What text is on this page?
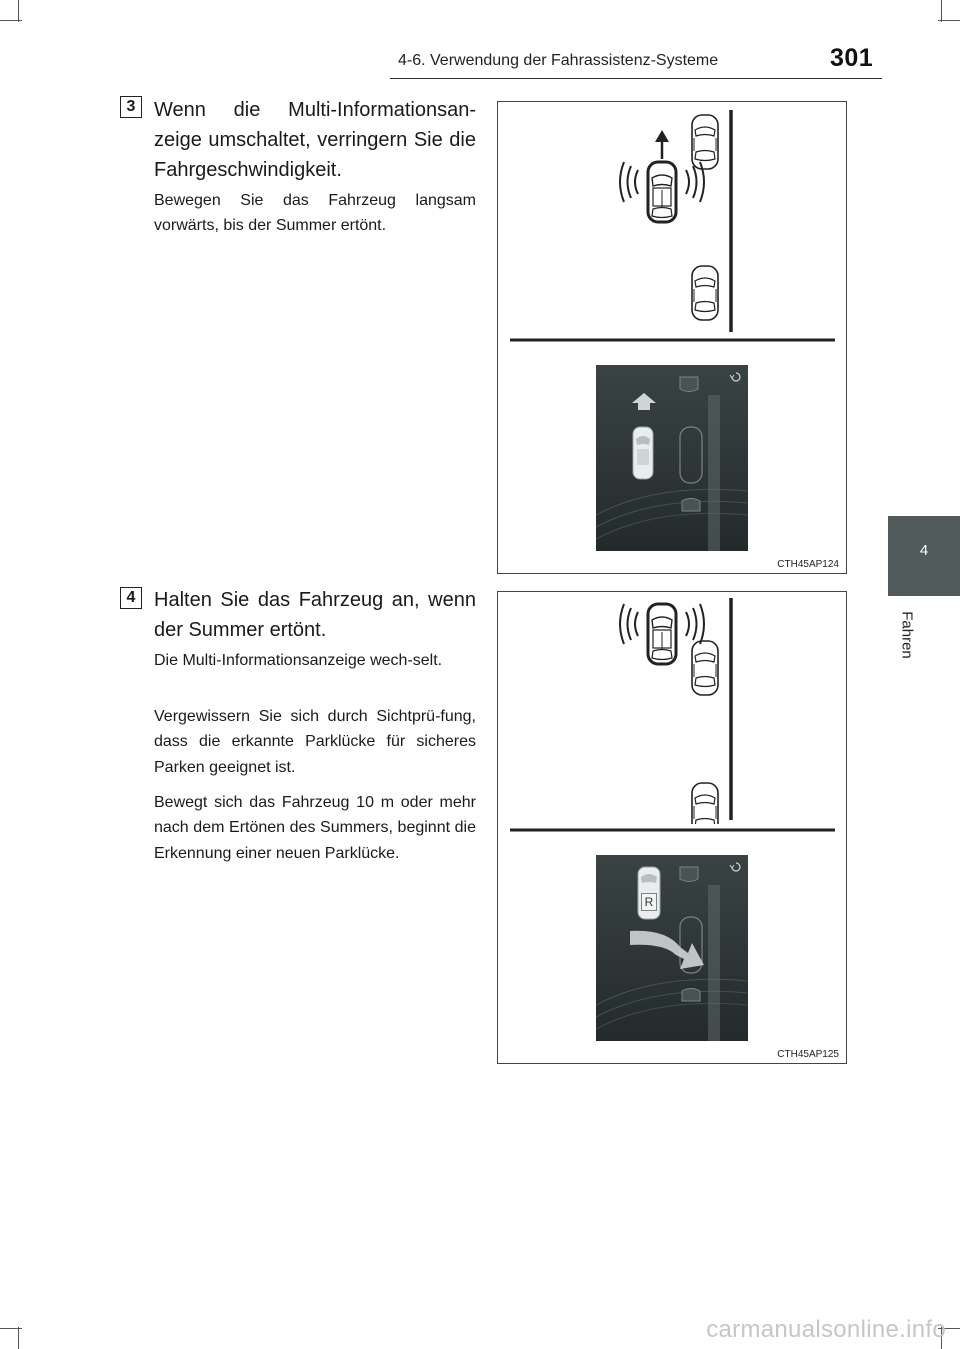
4-6. Verwendung der Fahrassistenz-Systeme	301
4
Fahren
3 Wenn die Multi-Informationsan-zeige umschaltet, verringern Sie die Fahrgeschwindigkeit.

Bewegen Sie das Fahrzeug langsam vorwärts, bis der Summer ertönt.

CTH45AP124
4 Halten Sie das Fahrzeug an, wenn der Summer ertönt.

Die Multi-Informationsanzeige wech-selt.

Vergewissern Sie sich durch Sichtprü-fung, dass die erkannte Parklücke für sicheres Parken geeignet ist.

Bewegt sich das Fahrzeug 10 m oder mehr nach dem Ertönen des Summers, beginnt die Erkennung einer neuen Parklücke.

R
CTH45AP125
carmanualsonline.info
